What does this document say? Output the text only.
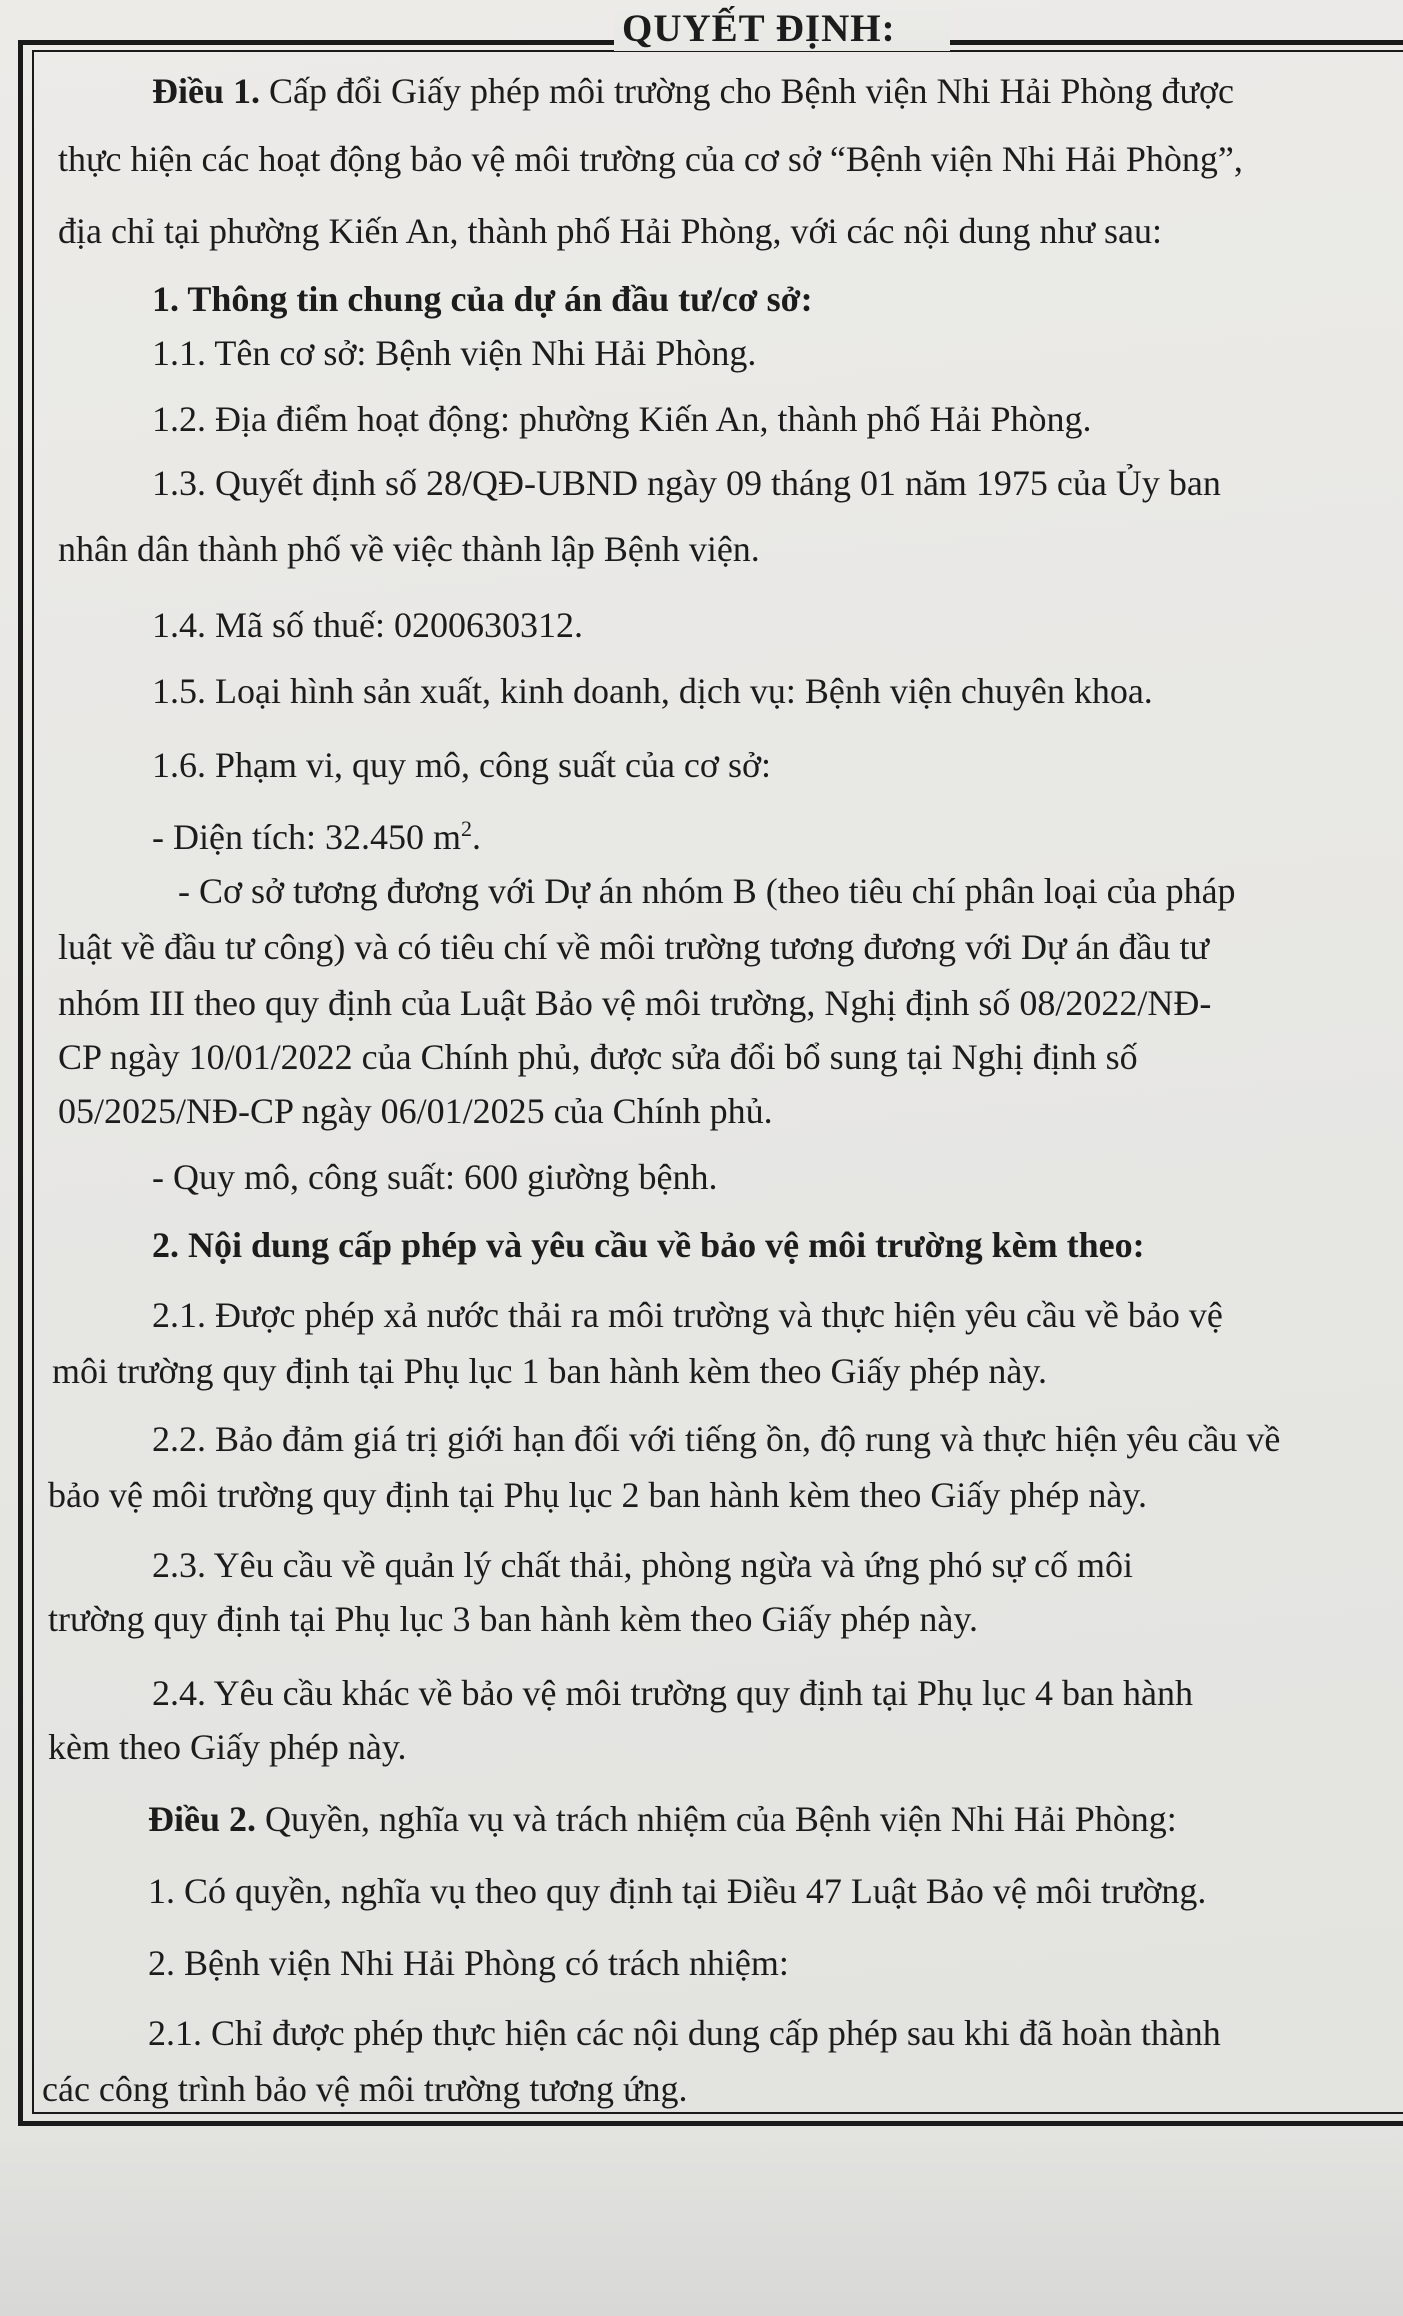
QUYẾT ĐỊNH:
Điều 1. Cấp đổi Giấy phép môi trường cho Bệnh viện Nhi Hải Phòng được
thực hiện các hoạt động bảo vệ môi trường của cơ sở “Bệnh viện Nhi Hải Phòng”,
địa chỉ tại phường Kiến An, thành phố Hải Phòng, với các nội dung như sau:
1. Thông tin chung của dự án đầu tư/cơ sở:
1.1. Tên cơ sở: Bệnh viện Nhi Hải Phòng.
1.2. Địa điểm hoạt động: phường Kiến An, thành phố Hải Phòng.
1.3. Quyết định số 28/QĐ-UBND ngày 09 tháng 01 năm 1975 của Ủy ban
nhân dân thành phố về việc thành lập Bệnh viện.
1.4. Mã số thuế: 0200630312.
1.5. Loại hình sản xuất, kinh doanh, dịch vụ: Bệnh viện chuyên khoa.
1.6. Phạm vi, quy mô, công suất của cơ sở:
- Diện tích: 32.450 $m^2$.
- Cơ sở tương đương với Dự án nhóm B (theo tiêu chí phân loại của pháp
luật về đầu tư công) và có tiêu chí về môi trường tương đương với Dự án đầu tư
nhóm III theo quy định của Luật Bảo vệ môi trường, Nghị định số 08/2022/NĐ-
CP ngày 10/01/2022 của Chính phủ, được sửa đổi bổ sung tại Nghị định số
05/2025/NĐ-CP ngày 06/01/2025 của Chính phủ.
- Quy mô, công suất: 600 giường bệnh.
2. Nội dung cấp phép và yêu cầu về bảo vệ môi trường kèm theo:
2.1. Được phép xả nước thải ra môi trường và thực hiện yêu cầu về bảo vệ
môi trường quy định tại Phụ lục 1 ban hành kèm theo Giấy phép này.
2.2. Bảo đảm giá trị giới hạn đối với tiếng ồn, độ rung và thực hiện yêu cầu về
bảo vệ môi trường quy định tại Phụ lục 2 ban hành kèm theo Giấy phép này.
2.3. Yêu cầu về quản lý chất thải, phòng ngừa và ứng phó sự cố môi
trường quy định tại Phụ lục 3 ban hành kèm theo Giấy phép này.
2.4. Yêu cầu khác về bảo vệ môi trường quy định tại Phụ lục 4 ban hành
kèm theo Giấy phép này.
Điều 2. Quyền, nghĩa vụ và trách nhiệm của Bệnh viện Nhi Hải Phòng:
1. Có quyền, nghĩa vụ theo quy định tại Điều 47 Luật Bảo vệ môi trường.
2. Bệnh viện Nhi Hải Phòng có trách nhiệm:
2.1. Chỉ được phép thực hiện các nội dung cấp phép sau khi đã hoàn thành
các công trình bảo vệ môi trường tương ứng.
